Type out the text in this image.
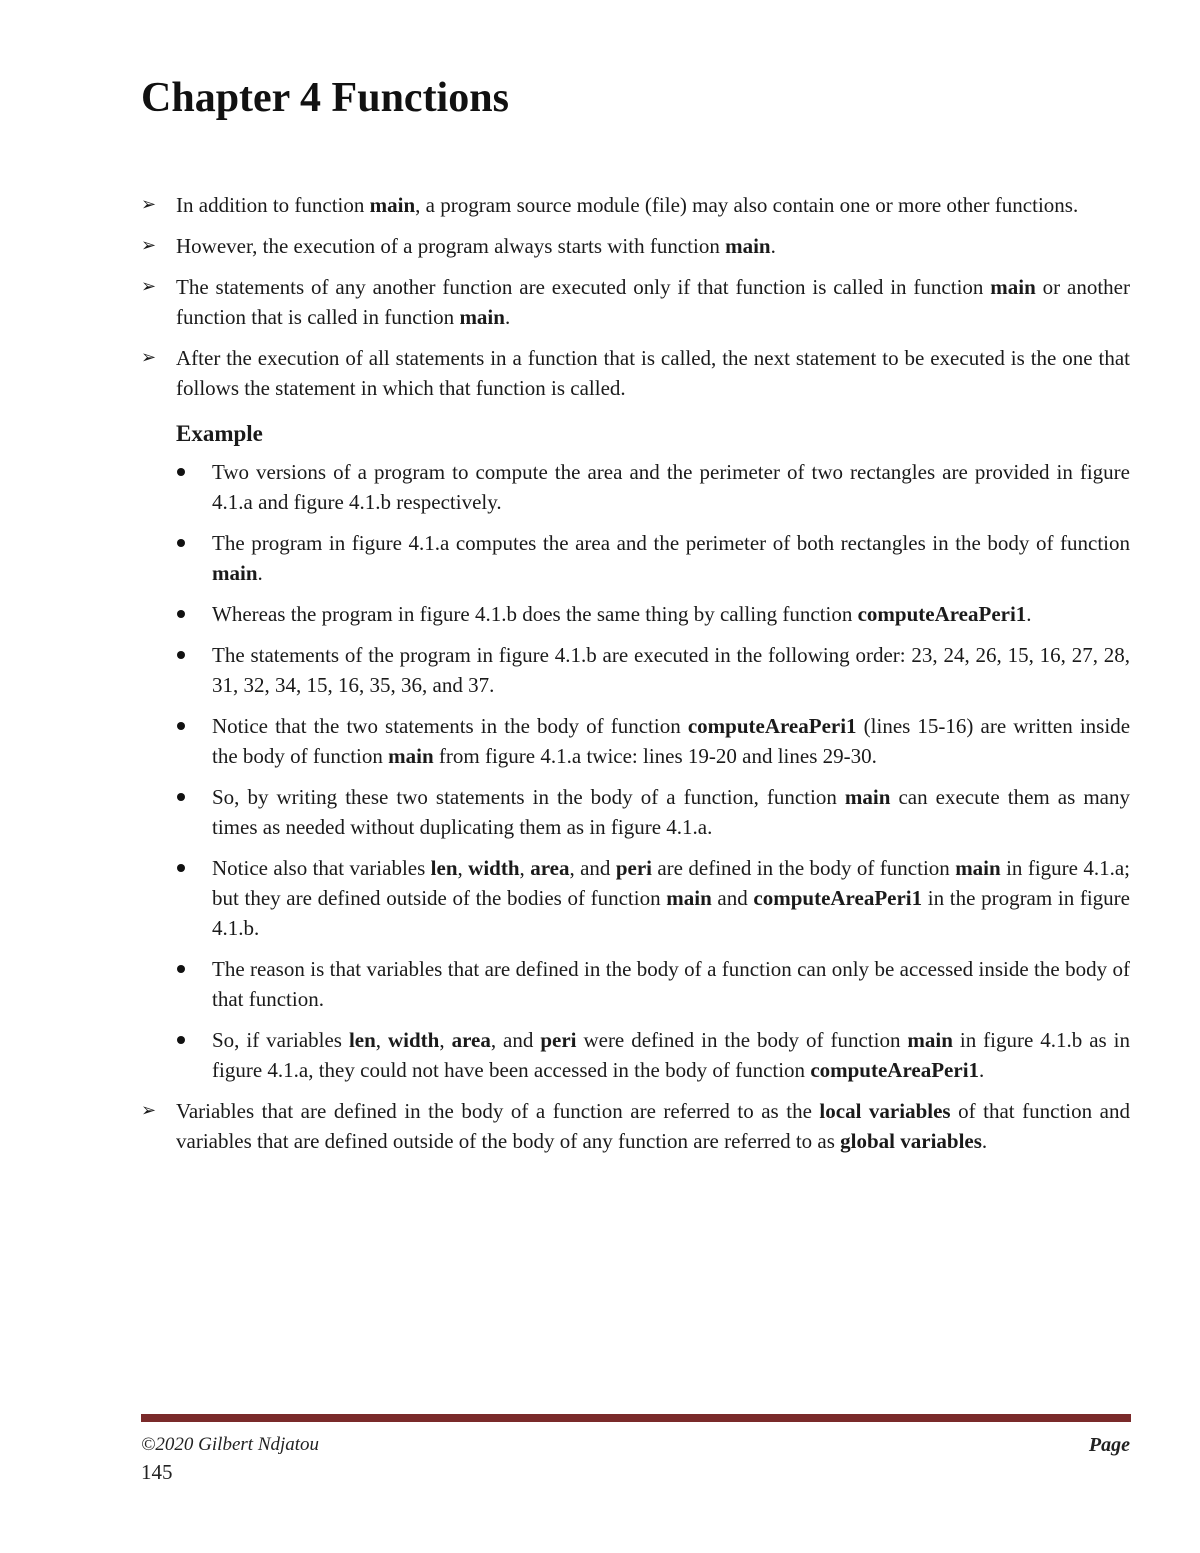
Chapter 4 Functions
➢ In addition to function main, a program source module (file) may also contain one or more other functions.
➢ However, the execution of a program always starts with function main.
➢ The statements of any another function are executed only if that function is called in function main or another function that is called in function main.
➢ After the execution of all statements in a function that is called, the next statement to be executed is the one that follows the statement in which that function is called.
Example
Two versions of a program to compute the area and the perimeter of two rectangles are provided in figure 4.1.a and figure 4.1.b respectively.
The program in figure 4.1.a computes the area and the perimeter of both rectangles in the body of function main.
Whereas the program in figure 4.1.b does the same thing by calling function computeAreaPeri1.
The statements of the program in figure 4.1.b are executed in the following order: 23, 24, 26, 15, 16, 27, 28, 31, 32, 34, 15, 16, 35, 36, and 37.
Notice that the two statements in the body of function computeAreaPeri1 (lines 15-16) are written inside the body of function main from figure 4.1.a twice: lines 19-20 and lines 29-30.
So, by writing these two statements in the body of a function, function main can execute them as many times as needed without duplicating them as in figure 4.1.a.
Notice also that variables len, width, area, and peri are defined in the body of function main in figure 4.1.a; but they are defined outside of the bodies of function main and computeAreaPeri1 in the program in figure 4.1.b.
The reason is that variables that are defined in the body of a function can only be accessed inside the body of that function.
So, if variables len, width, area, and peri were defined in the body of function main in figure 4.1.b as in figure 4.1.a, they could not have been accessed in the body of function computeAreaPeri1.
➢ Variables that are defined in the body of a function are referred to as the local variables of that function and variables that are defined outside of the body of any function are referred to as global variables.
©2020 Gilbert Ndjatou	Page
145
